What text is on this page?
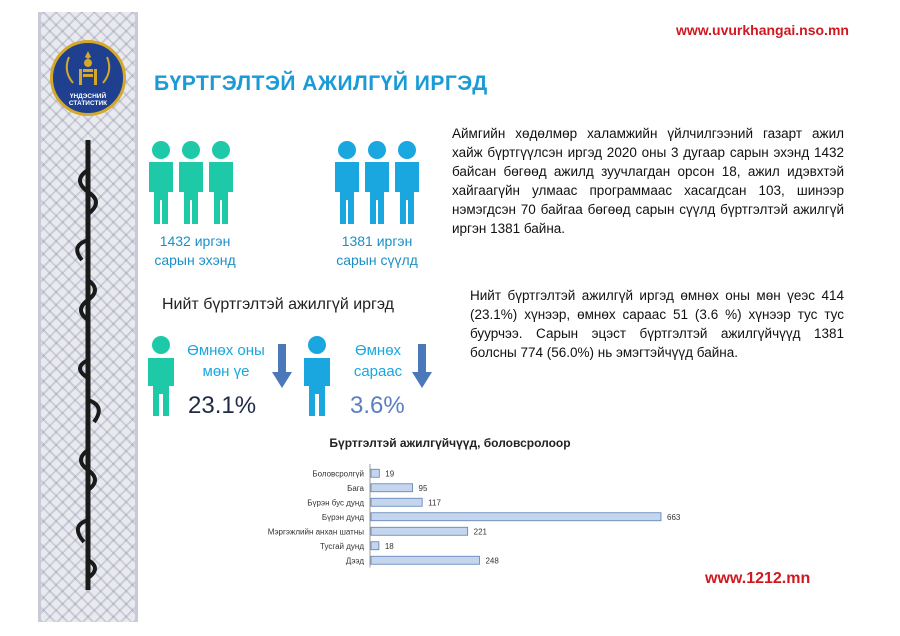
ҮНДЭСНИЙ
СТАТИСТИК
www.uvurkhangai.nso.mn
БҮРТГЭЛТЭЙ АЖИЛГҮЙ ИРГЭД
1432 иргэн
сарын эхэнд
1381 иргэн
сарын сүүлд
Аймгийн хөдөлмөр халамжийн үйлчилгээний газарт ажил хайж бүртгүүлсэн иргэд 2020 оны 3 дугаар сарын эхэнд 1432 байсан бөгөөд ажилд зуучлагдан орсон 18, ажил идэвхтэй хайгаагүйн улмаас программаас хасагдсан 103, шинээр нэмэгдсэн 70 байгаа бөгөөд сарын сүүлд бүртгэлтэй ажилгүй иргэн 1381 байна.
Нийт бүртгэлтэй ажилгүй иргэд
Өмнөх оны
мөн үе
23.1%
Өмнөх
сараас
3.6%
Нийт бүртгэлтэй ажилгүй иргэд өмнөх оны мөн үеэс 414 (23.1%) хүнээр, өмнөх сараас 51 (3.6 %) хүнээр тус тус буурчээ. Сарын эцэст бүртгэлтэй ажилгүйчүүд 1381 болсны 774 (56.0%) нь эмэгтэйчүүд байна.
Бүртгэлтэй ажилгүйчүүд, боловсролоор
Боловсролгүй	19
Бага	95
Бүрэн бус дунд	117
Бүрэн дунд	663
Мэргэжлийн анхан шатны	221
Тусгай дунд	18
Дээд	248
www.1212.mn
